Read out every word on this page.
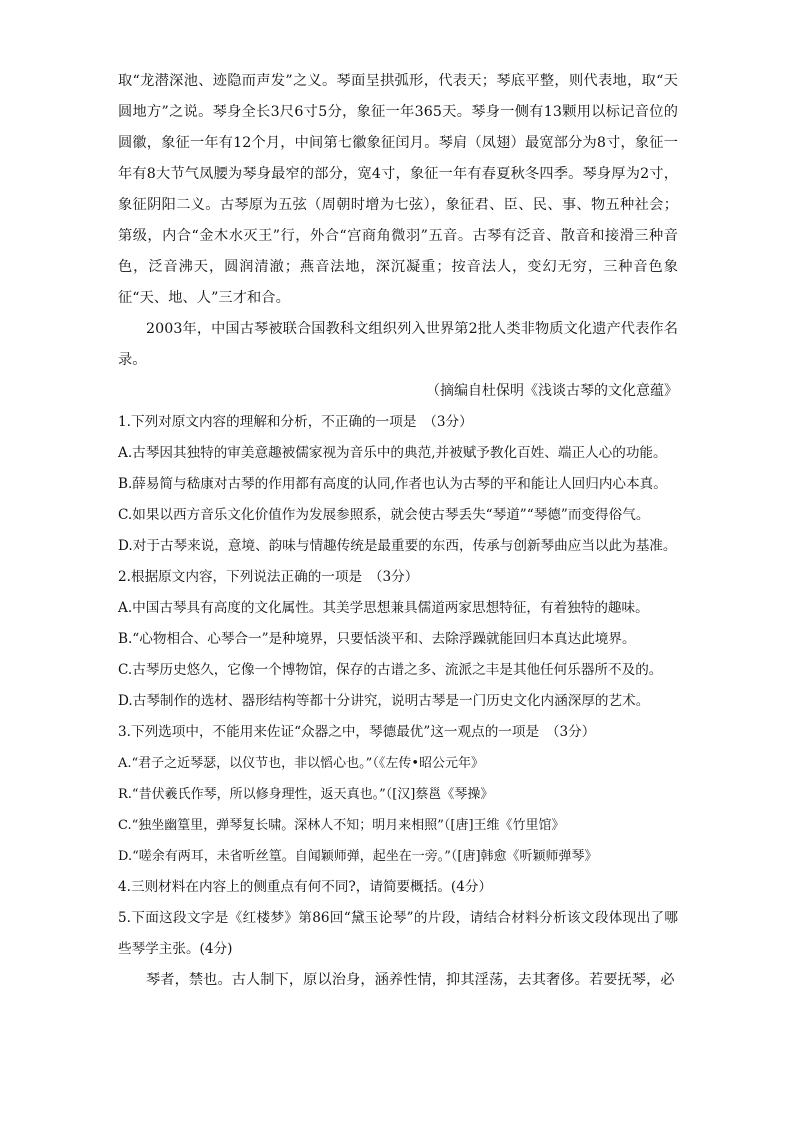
取“龙潜深池、迹隐而声发”之义。琴面呈拱弧形，代表天；琴底平整，则代表地，取“天圆地方”之说。琴身全长3尺6寸5分，象征一年365天。琴身一侧有13颗用以标记音位的圆徽，象征一年有12个月，中间第七徽象征闰月。琴肩（凤翅）最宽部分为8寸，象征一年有8大节气凤腰为琴身最窄的部分，宽4寸，象征一年有春夏秋冬四季。琴身厚为2寸，象征阴阳二义。古琴原为五弦（周朝时增为七弦），象征君、臣、民、事、物五种社会；第级，内合“金木水灭王”行，外合“宫商角微羽”五音。古琴有泛音、散音和接滑三种音色，泛音沸天，圆润清澈；燕音法地，深沉凝重；按音法人，变幻无穷，三种音色象征“天、地、人”三才和合。

2003年，中国古琴被联合国教科文组织列入世界第2批人类非物质文化遗产代表作名录。

（摘编自杜保明《浅谈古琴的文化意蕴》

1.下列对原文内容的理解和分析，不正确的一项是　（3分）

A.古琴因其独特的审美意趣被儒家视为音乐中的典范,并被赋予教化百姓、端正人心的功能。

B.薛易简与嵇康对古琴的作用都有高度的认同,作者也认为古琴的平和能让人回归内心本真。

C.如果以西方音乐文化价值作为发展参照系，就会使古琴丢失“琴道”“琴德”而变得俗气。

D.对于古琴来说，意境、韵味与情趣传统是最重要的东西，传承与创新琴曲应当以此为基准。

2.根据原文内容，下列说法正确的一项是　（3分）

A.中国古琴具有高度的文化属性。其美学思想兼具儒道两家思想特征，有着独特的趣味。

B.“心物相合、心琴合一”是种境界，只要恬淡平和、去除浮躁就能回归本真达此境界。

C.古琴历史悠久，它像一个博物馆，保存的古谱之多、流派之丰是其他任何乐器所不及的。

D.古琴制作的选材、器形结构等都十分讲究，说明古琴是一门历史文化内涵深厚的艺术。

3.下列选项中，不能用来佐证“众器之中，琴德最优”这一观点的一项是　（3分）

A.“君子之近琴瑟，以仪节也，非以慆心也。”（《左传•昭公元年》

R.“昔伏羲氏作琴，所以修身理性，返天真也。”（[汉]蔡邕《琴操》

C.“独坐幽篁里，弹琴复长啸。深林人不知；明月来相照”（[唐]王维《竹里馆》

D.“嗟余有两耳，未省听丝篁。自闻颖师弹，起坐在一旁。”（[唐]韩愈《听颖师弹琴》

4.三则材料在内容上的侧重点有何不同?，请简要概括。(4分）

5.下面这段文字是《红楼梦》第86回“黛玉论琴”的片段，请结合材料分析该文段体现出了哪些琴学主张。(4分)

琴者，禁也。古人制下，原以治身，涵养性情，抑其淫荡，去其奢侈。若要抚琴，必
